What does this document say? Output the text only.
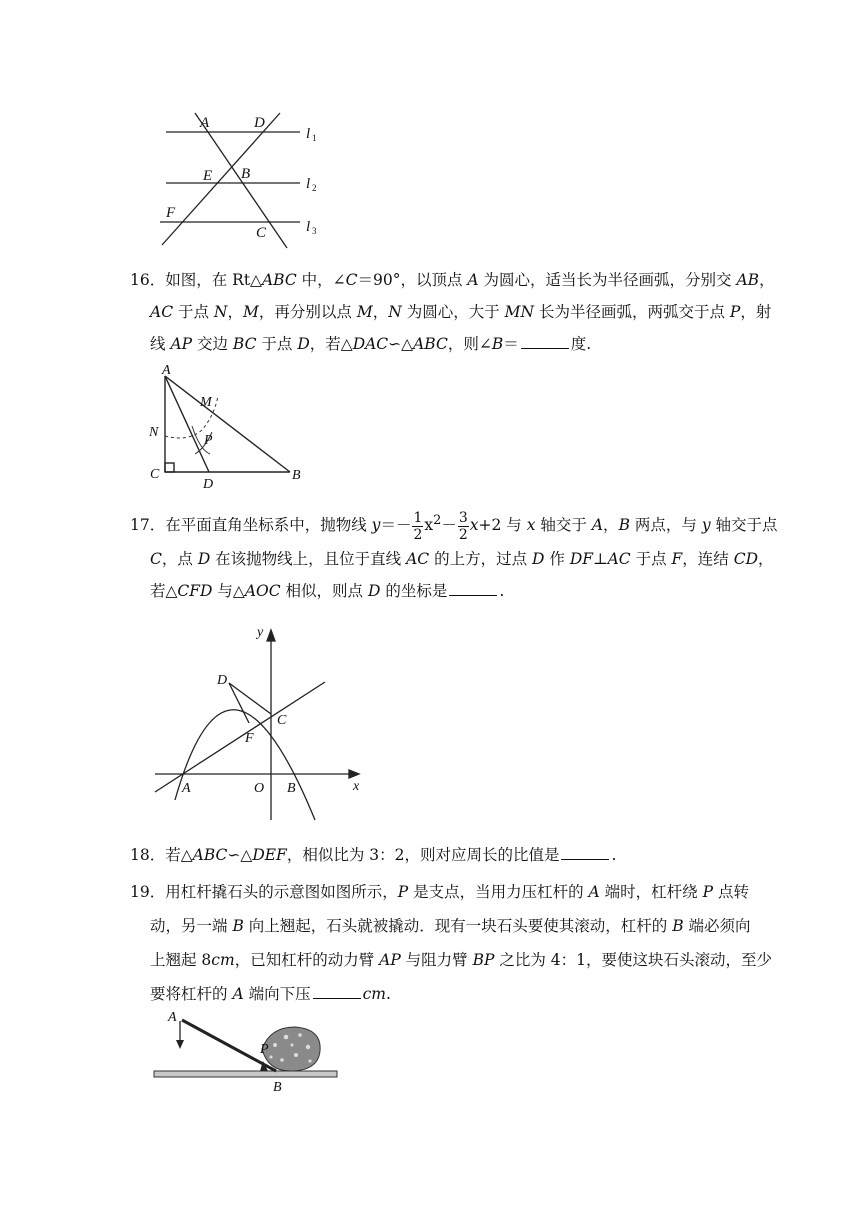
A	D
E B
F
C
l 1
l 2
l 3
16．如图，在 Rt△ABC 中，∠C＝90°，以顶点 A 为圆心，适当长为半径画弧，分别交 AB，
AC 于点 N，M，再分别以点 M，N 为圆心，大于 MN 长为半径画弧，两弧交于点 P，射
线 AP 交边 BC 于点 D，若△DAC∽△ABC，则∠B＝	度.
A
M
N
P
C
D
B
17．在平面直角坐标系中，抛物线 $y=- \frac{1}{2} x^2- \frac{3}{2} x+2$ 与 x 轴交于 A，B 两点，与 y 轴交于点
C，点 D 在该抛物线上，且位于直线 AC 的上方，过点 D 作 DF⊥AC 于点 F，连结 CD，
若△CFD 与△AOC 相似，则点 D 的坐标是	.
y
x
D
C
F
A	O B
18．若△ABC∽△DEF，相似比为 3：2，则对应周长的比值是	.
19．用杠杆撬石头的示意图如图所示，P 是支点，当用力压杠杆的 A 端时，杠杆绕 P 点转
动，另一端 B 向上翘起，石头就被撬动．现有一块石头要使其滚动，杠杆的 B 端必须向
上翘起 8cm，已知杠杆的动力臂 AP 与阻力臂 BP 之比为 4：1，要使这块石头滚动，至少
要将杠杆的 A 端向下压	cm.
A
P
B
